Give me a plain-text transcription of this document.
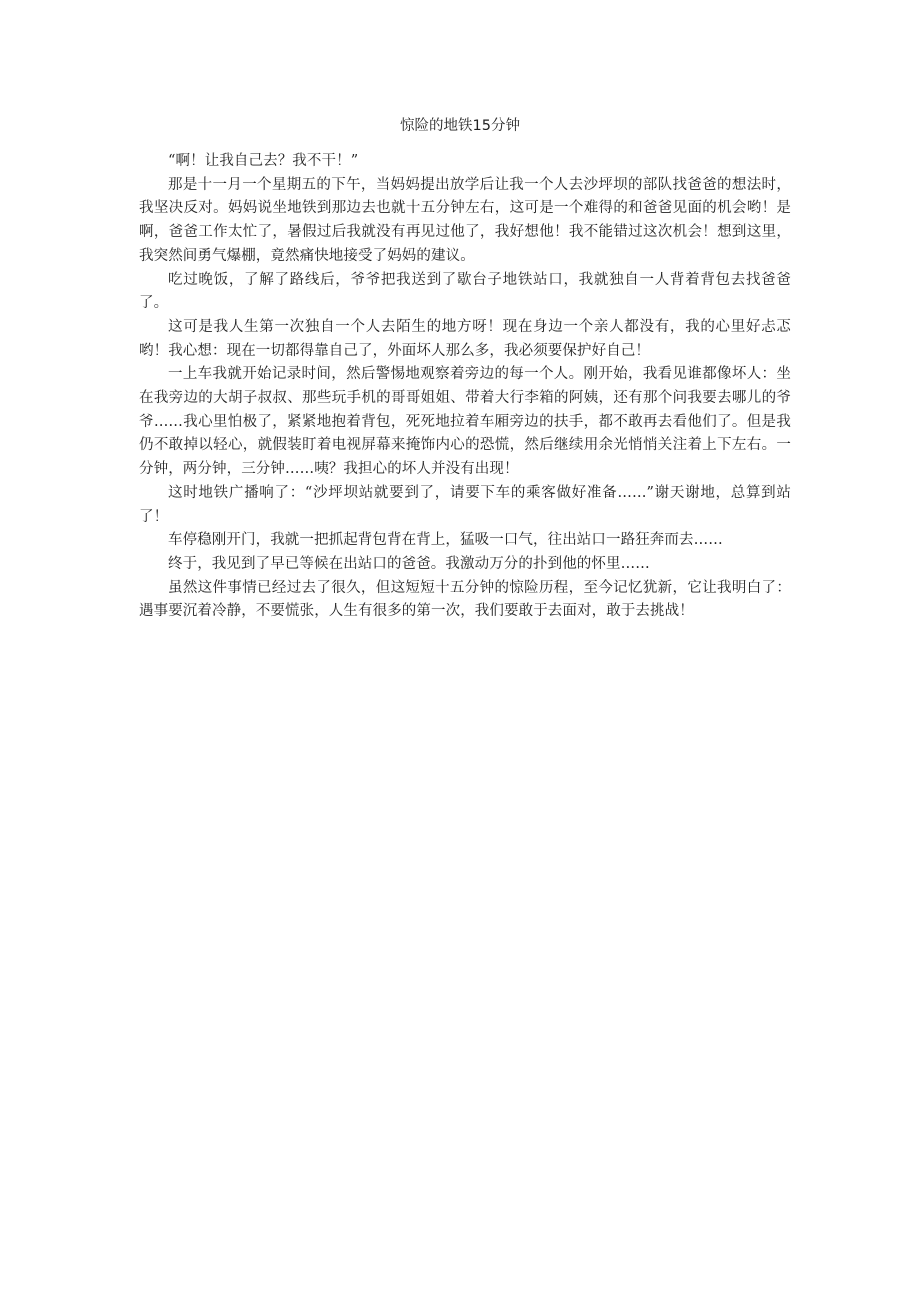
惊险的地铁15分钟

“啊！让我自己去？我不干！”

那是十一月一个星期五的下午，当妈妈提出放学后让我一个人去沙坪坝的部队找爸爸的想法时，我坚决反对。妈妈说坐地铁到那边去也就十五分钟左右，这可是一个难得的和爸爸见面的机会哟！是啊，爸爸工作太忙了，暑假过后我就没有再见过他了，我好想他！我不能错过这次机会！想到这里，我突然间勇气爆棚，竟然痛快地接受了妈妈的建议。

吃过晚饭，了解了路线后，爷爷把我送到了歇台子地铁站口，我就独自一人背着背包去找爸爸了。

这可是我人生第一次独自一个人去陌生的地方呀！现在身边一个亲人都没有，我的心里好忐忑哟！我心想：现在一切都得靠自己了，外面坏人那么多，我必须要保护好自己！

一上车我就开始记录时间，然后警惕地观察着旁边的每一个人。刚开始，我看见谁都像坏人：坐在我旁边的大胡子叔叔、那些玩手机的哥哥姐姐、带着大行李箱的阿姨，还有那个问我要去哪儿的爷爷……我心里怕极了，紧紧地抱着背包，死死地拉着车厢旁边的扶手，都不敢再去看他们了。但是我仍不敢掉以轻心，就假装盯着电视屏幕来掩饰内心的恐慌，然后继续用余光悄悄关注着上下左右。一分钟，两分钟，三分钟……咦？我担心的坏人并没有出现！

这时地铁广播响了：“沙坪坝站就要到了，请要下车的乘客做好准备……”谢天谢地，总算到站了！

车停稳刚开门，我就一把抓起背包背在背上，猛吸一口气，往出站口一路狂奔而去……

终于，我见到了早已等候在出站口的爸爸。我激动万分的扑到他的怀里……

虽然这件事情已经过去了很久，但这短短十五分钟的惊险历程，至今记忆犹新，它让我明白了：遇事要沉着冷静，不要慌张，人生有很多的第一次，我们要敢于去面对，敢于去挑战！
